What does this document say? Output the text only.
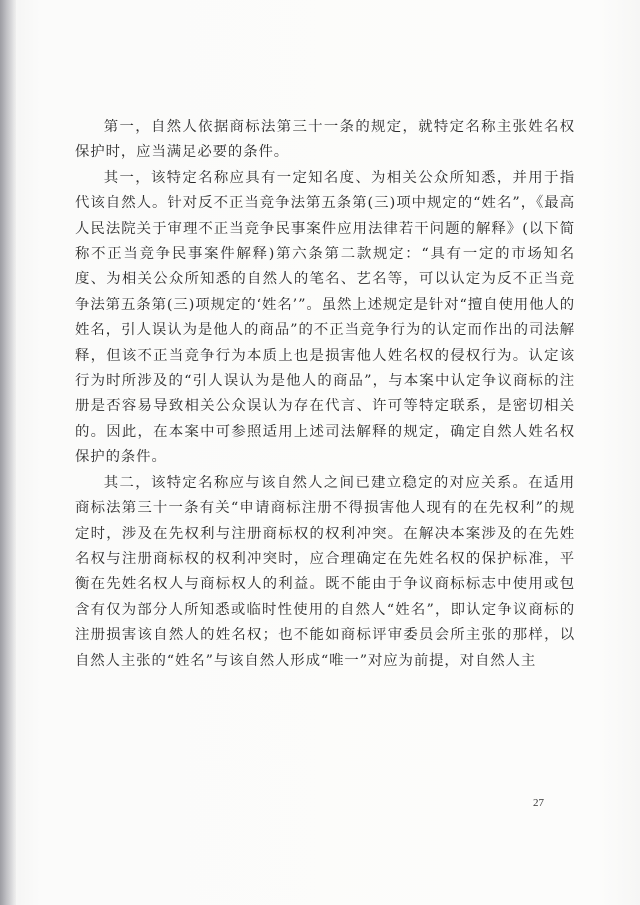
第一，自然人依据商标法第三十一条的规定，就特定名称主张姓名权保护时，应当满足必要的条件。

其一，该特定名称应具有一定知名度、为相关公众所知悉，并用于指代该自然人。针对反不正当竞争法第五条第(三)项中规定的“姓名”，《最高人民法院关于审理不正当竞争民事案件应用法律若干问题的解释》(以下简称不正当竞争民事案件解释)第六条第二款规定：“具有一定的市场知名度、为相关公众所知悉的自然人的笔名、艺名等，可以认定为反不正当竞争法第五条第(三)项规定的‘姓名’”。虽然上述规定是针对“擅自使用他人的姓名，引人误认为是他人的商品”的不正当竞争行为的认定而作出的司法解释，但该不正当竞争行为本质上也是损害他人姓名权的侵权行为。认定该行为时所涉及的“引人误认为是他人的商品”，与本案中认定争议商标的注册是否容易导致相关公众误认为存在代言、许可等特定联系，是密切相关的。因此，在本案中可参照适用上述司法解释的规定，确定自然人姓名权保护的条件。

其二，该特定名称应与该自然人之间已建立稳定的对应关系。在适用商标法第三十一条有关“申请商标注册不得损害他人现有的在先权利”的规定时，涉及在先权利与注册商标权的权利冲突。在解决本案涉及的在先姓名权与注册商标权的权利冲突时，应合理确定在先姓名权的保护标准，平衡在先姓名权人与商标权人的利益。既不能由于争议商标标志中使用或包含有仅为部分人所知悉或临时性使用的自然人“姓名”，即认定争议商标的注册损害该自然人的姓名权；也不能如商标评审委员会所主张的那样，以自然人主张的“姓名”与该自然人形成“唯一”对应为前提，对自然人主

27
